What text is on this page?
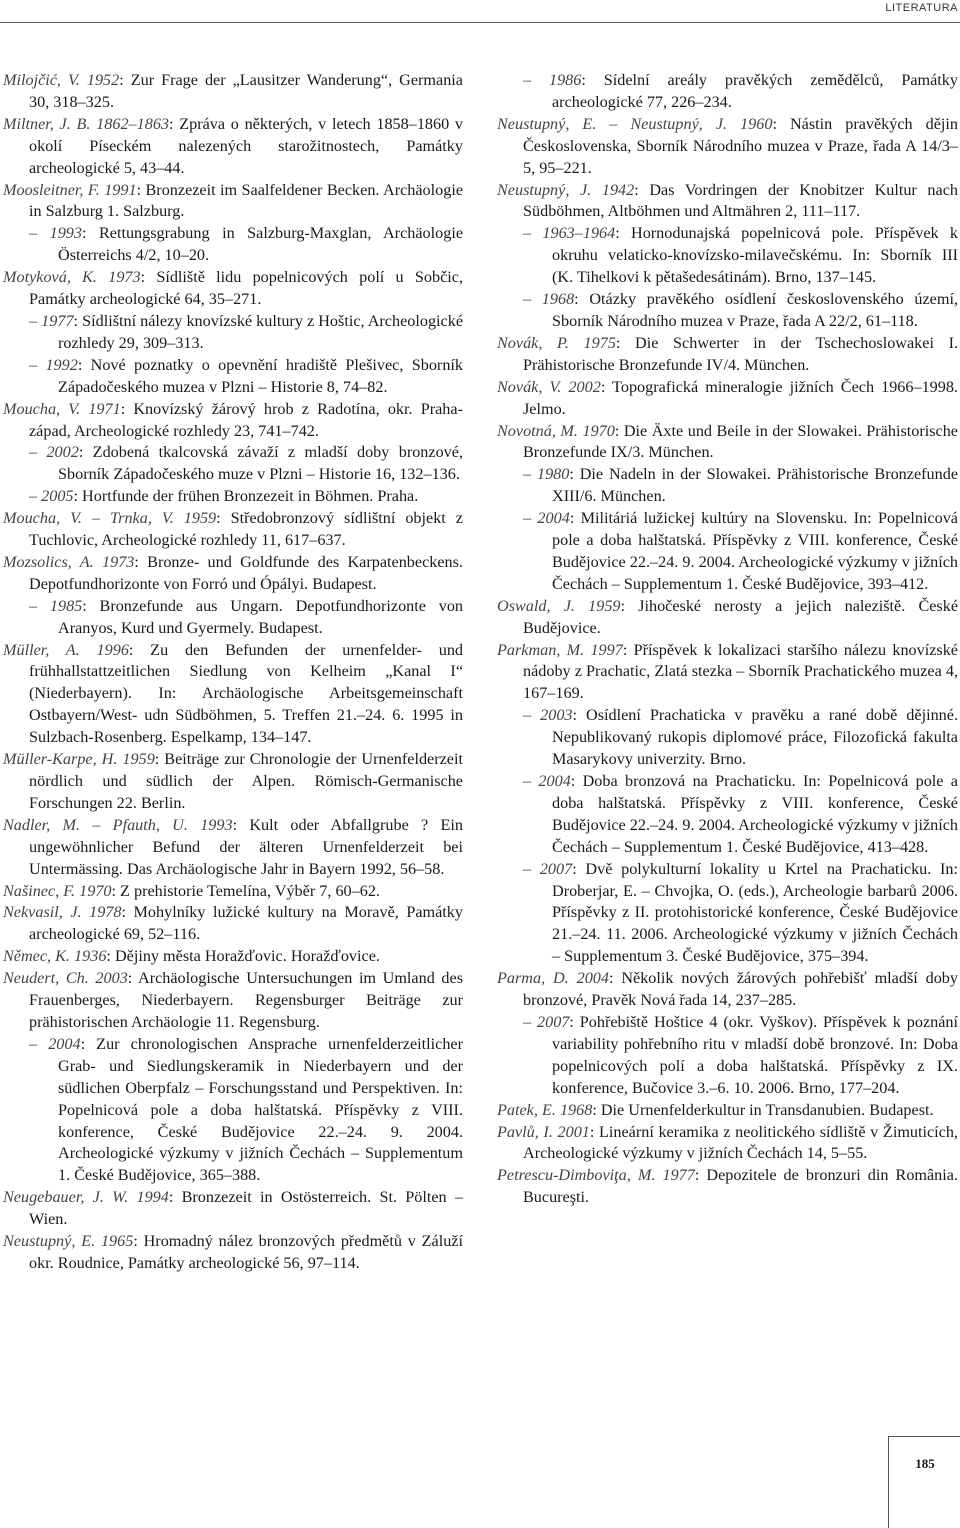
LITERATURA

Milojčić, V. 1952: Zur Frage der „Lausitzer Wanderung“, Germania 30, 318–325.

Miltner, J. B. 1862–1863: Zpráva o některých, v letech 1858–1860 v okolí Píseckém nalezených starožitnostech, Památky archeologické 5, 43–44.

Moosleitner, F. 1991: Bronzezeit im Saalfeldener Becken. Archäologie in Salzburg 1. Salzburg.

– 1993: Rettungsgrabung in Salzburg-Maxglan, Archäologie Österreichs 4/2, 10–20.

Motyková, K. 1973: Sídliště lidu popelnicových polí u Sobčic, Památky archeologické 64, 35–271.

– 1977: Sídlištní nálezy knovízské kultury z Hoštic, Archeologické rozhledy 29, 309–313.

– 1992: Nové poznatky o opevnění hradiště Plešivec, Sborník Západočeského muzea v Plzni – Historie 8, 74–82.

Moucha, V. 1971: Knovízský žárový hrob z Radotína, okr. Praha-západ, Archeologické rozhledy 23, 741–742.

– 2002: Zdobená tkalcovská závaží z mladší doby bronzové, Sborník Západočeského muze v Plzni – Historie 16, 132–136.

– 2005: Hortfunde der frühen Bronzezeit in Böhmen. Praha.

Moucha, V. – Trnka, V. 1959: Středobronzový sídlištní objekt z Tuchlovic, Archeologické rozhledy 11, 617–637.

Mozsolics, A. 1973: Bronze- und Goldfunde des Karpatenbeckens. Depotfundhorizonte von Forró und Ópályi. Budapest.

– 1985: Bronzefunde aus Ungarn. Depotfundhorizonte von Aranyos, Kurd und Gyermely. Budapest.

Müller, A. 1996: Zu den Befunden der urnenfelder- und frühhallstattzeitlichen Siedlung von Kelheim „Kanal I“ (Niederbayern). In: Archäologische Arbeitsgemeinschaft Ostbayern/West- udn Südböhmen, 5. Treffen 21.–24. 6. 1995 in Sulzbach-Rosenberg. Espelkamp, 134–147.

Müller-Karpe, H. 1959: Beiträge zur Chronologie der Urnenfelderzeit nördlich und südlich der Alpen. Römisch-Germanische Forschungen 22. Berlin.

Nadler, M. – Pfauth, U. 1993: Kult oder Abfallgrube ? Ein ungewöhnlicher Befund der älteren Urnenfelderzeit bei Untermässing. Das Archäologische Jahr in Bayern 1992, 56–58.

Našinec, F. 1970: Z prehistorie Temelína, Výběr 7, 60–62.

Nekvasil, J. 1978: Mohylníky lužické kultury na Moravě, Památky archeologické 69, 52–116.

Němec, K. 1936: Dějiny města Horažďovic. Horažďovice.

Neudert, Ch. 2003: Archäologische Untersuchungen im Umland des Frauenberges, Niederbayern. Regensburger Beiträge zur prähistorischen Archäologie 11. Regensburg.

– 2004: Zur chronologischen Ansprache urnenfelderzeitlicher Grab- und Siedlungskeramik in Niederbayern und der südlichen Oberpfalz – Forschungsstand und Perspektiven. In: Popelnicová pole a doba halštatská. Příspěvky z VIII. konference, České Budějovice 22.–24. 9. 2004. Archeologické výzkumy v jižních Čechách – Supplementum 1. České Budějovice, 365–388.

Neugebauer, J. W. 1994: Bronzezeit in Ostösterreich. St. Pölten – Wien.

Neustupný, E. 1965: Hromadný nález bronzových předmětů v Záluží okr. Roudnice, Památky archeologické 56, 97–114.

– 1986: Sídelní areály pravěkých zemědělců, Památky archeologické 77, 226–234.

Neustupný, E. – Neustupný, J. 1960: Nástin pravěkých dějin Československa, Sborník Národního muzea v Praze, řada A 14/3–5, 95–221.

Neustupný, J. 1942: Das Vordringen der Knobitzer Kultur nach Südböhmen, Altböhmen und Altmähren 2, 111–117.

– 1963–1964: Hornodunajská popelnicová pole. Příspěvek k okruhu velaticko-knovízsko-milavečskému. In: Sborník III (K. Tihelkovi k pětašedesátinám). Brno, 137–145.

– 1968: Otázky pravěkého osídlení československého území, Sborník Národního muzea v Praze, řada A 22/2, 61–118.

Novák, P. 1975: Die Schwerter in der Tschechoslowakei I. Prähistorische Bronzefunde IV/4. München.

Novák, V. 2002: Topografická mineralogie jižních Čech 1966–1998. Jelmo.

Novotná, M. 1970: Die Äxte und Beile in der Slowakei. Prähistorische Bronzefunde IX/3. München.

– 1980: Die Nadeln in der Slowakei. Prähistorische Bronzefunde XIII/6. München.

– 2004: Militáriá lužickej kultúry na Slovensku. In: Popelnicová pole a doba halštatská. Příspěvky z VIII. konference, České Budějovice 22.–24. 9. 2004. Archeologické výzkumy v jižních Čechách – Supplementum 1. České Budějovice, 393–412.

Oswald, J. 1959: Jihočeské nerosty a jejich naleziště. České Budějovice.

Parkman, M. 1997: Příspěvek k lokalizaci staršího nálezu knovízské nádoby z Prachatic, Zlatá stezka – Sborník Prachatického muzea 4, 167–169.

– 2003: Osídlení Prachaticka v pravěku a rané době dějinné. Nepublikovaný rukopis diplomové práce, Filozofická fakulta Masarykovy univerzity. Brno.

– 2004: Doba bronzová na Prachaticku. In: Popelnicová pole a doba halštatská. Příspěvky z VIII. konference, České Budějovice 22.–24. 9. 2004. Archeologické výzkumy v jižních Čechách – Supplementum 1. České Budějovice, 413–428.

– 2007: Dvě polykulturní lokality u Krtel na Prachaticku. In: Droberjar, E. – Chvojka, O. (eds.), Archeologie barbarů 2006. Příspěvky z II. protohistorické konference, České Budějovice 21.–24. 11. 2006. Archeologické výzkumy v jižních Čechách – Supplementum 3. České Budějovice, 375–394.

Parma, D. 2004: Několik nových žárových pohřebišť mladší doby bronzové, Pravěk Nová řada 14, 237–285.

– 2007: Pohřebiště Hoštice 4 (okr. Vyškov). Příspěvek k poznání variability pohřebního ritu v mladší době bronzové. In: Doba popelnicových polí a doba halštatská. Příspěvky z IX. konference, Bučovice 3.–6. 10. 2006. Brno, 177–204.

Patek, E. 1968: Die Urnenfelderkultur in Transdanubien. Budapest.

Pavlů, I. 2001: Lineární keramika z neolitického sídliště v Žimuticích, Archeologické výzkumy v jižních Čechách 14, 5–55.

Petrescu-Dimboviţa, M. 1977: Depozitele de bronzuri din România. Bucureşti.

185
